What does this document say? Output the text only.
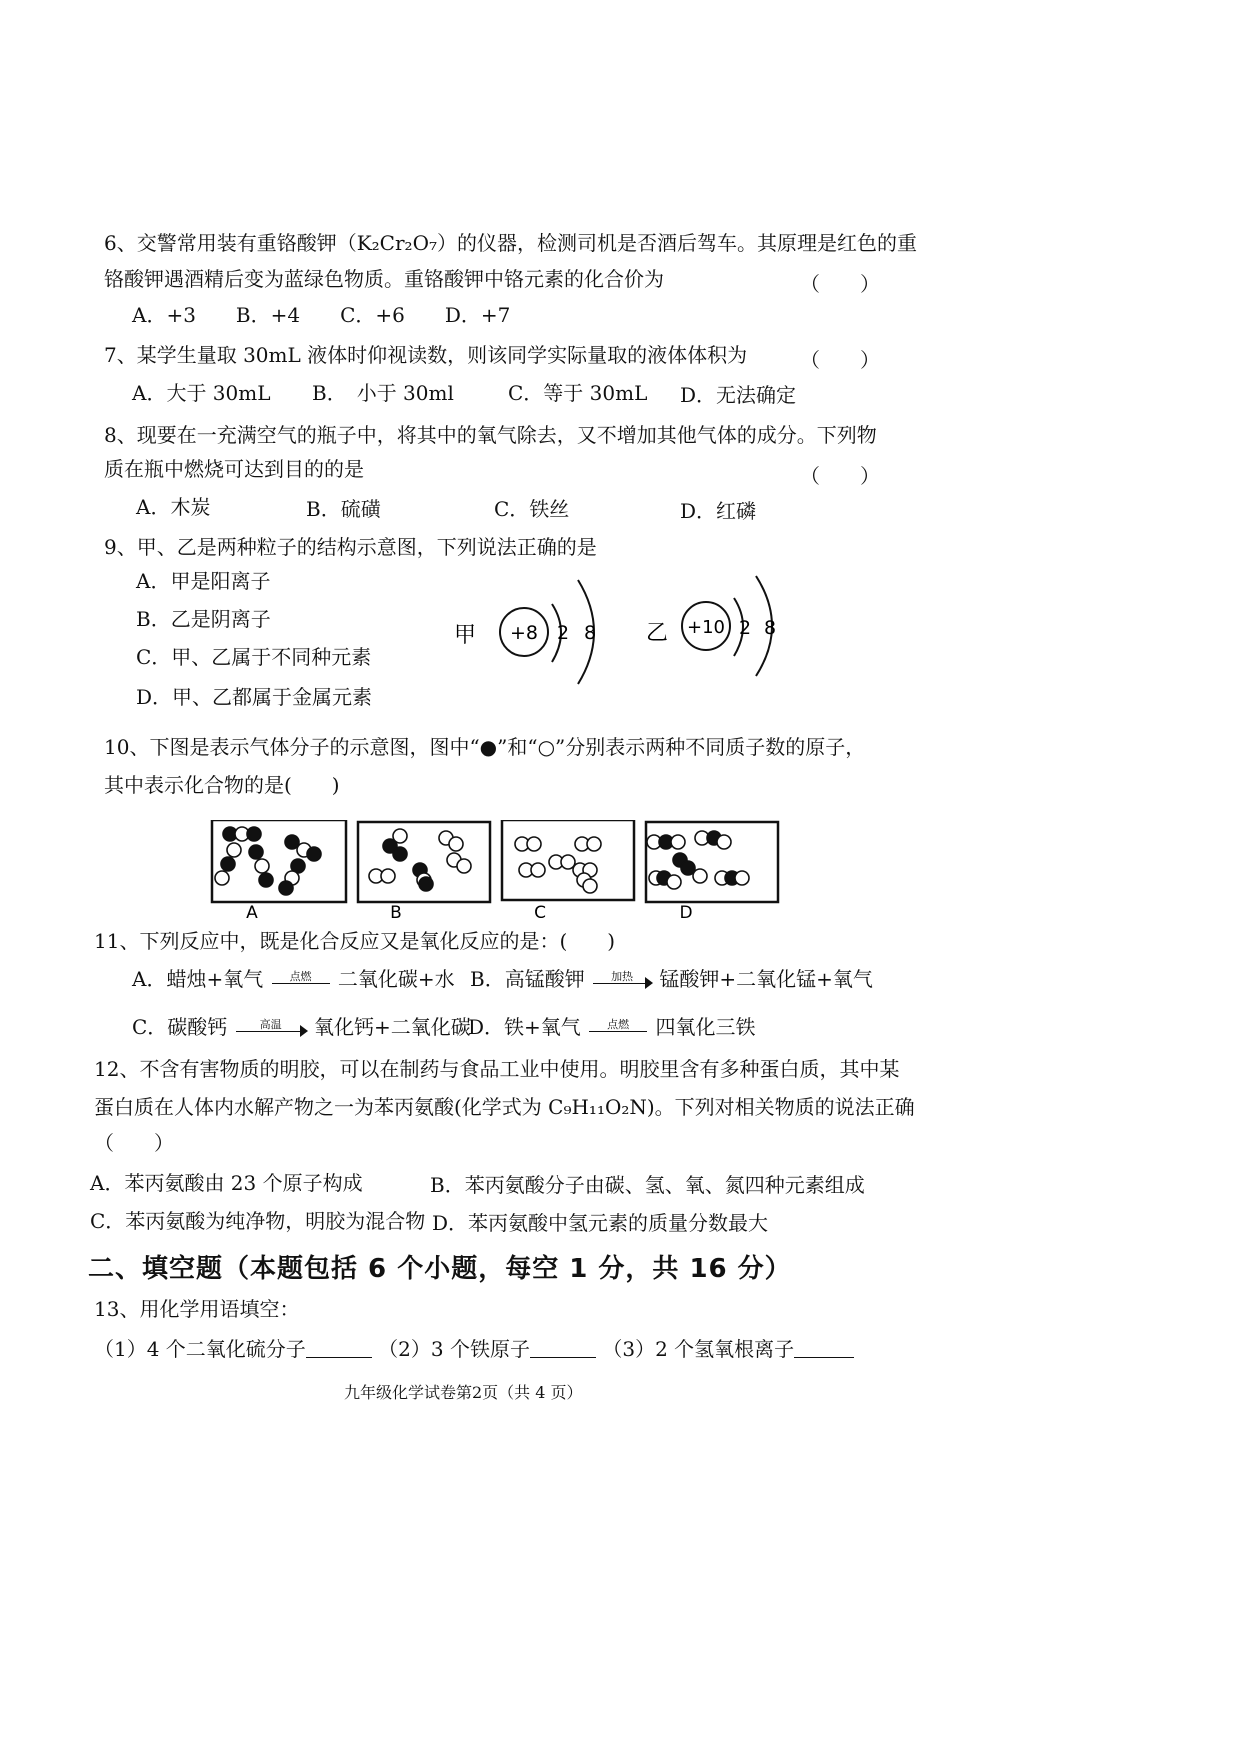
6、交警常用装有重铬酸钾（K₂Cr₂O₇）的仪器，检测司机是否酒后驾车。其原理是红色的重
铬酸钾遇酒精后变为蓝绿色物质。重铬酸钾中铬元素的化合价为	（　　）
A．+3　　B．+4　　C．+6　　D．+7
7、某学生量取 30mL 液体时仰视读数，则该同学实际量取的液体体积为	（　　）
A．大于 30mL B．　小于 30ml	C．等于 30mL D．无法确定
8、现要在一充满空气的瓶子中，将其中的氧气除去，又不增加其他气体的成分。下列物
质在瓶中燃烧可达到目的的是	（　　）
A．木炭	B．硫磺	C．铁丝	D．红磷
9、甲、乙是两种粒子的结构示意图，下列说法正确的是
A．甲是阳离子
B．乙是阴离子
C．甲、乙属于不同种元素
D．甲、乙都属于金属元素
甲 +8 2 8 乙 +10 2 8
10、下图是表示气体分子的示意图，图中“●”和“○”分别表示两种不同质子数的原子，
其中表示化合物的是(　　)
A	B	C	D
11、下列反应中，既是化合反应又是氧化反应的是：(　　)
A．蜡烛+氧气	点燃	二氧化碳+水 B．高锰酸钾	加热	锰酸钾+二氧化锰+氧气
C．碳酸钙	高温	氧化钙+二氧化碳
D．铁+氧气	点燃	四氧化三铁
12、不含有害物质的明胶，可以在制药与食品工业中使用。明胶里含有多种蛋白质，其中某
蛋白质在人体内水解产物之一为苯丙氨酸(化学式为 C₉H₁₁O₂N)。下列对相关物质的说法正确
（　　）
A．苯丙氨酸由 23 个原子构成	B．苯丙氨酸分子由碳、氢、氧、氮四种元素组成
C．苯丙氨酸为纯净物，明胶为混合物 D．苯丙氨酸中氢元素的质量分数最大
二、填空题（本题包括 6 个小题，每空 1 分，共 16 分）
13、用化学用语填空：
（1）4 个二氧化硫分子	（2）3 个铁原子	（3）2 个氢氧根离子
九年级化学试卷第2页（共 4 页）
